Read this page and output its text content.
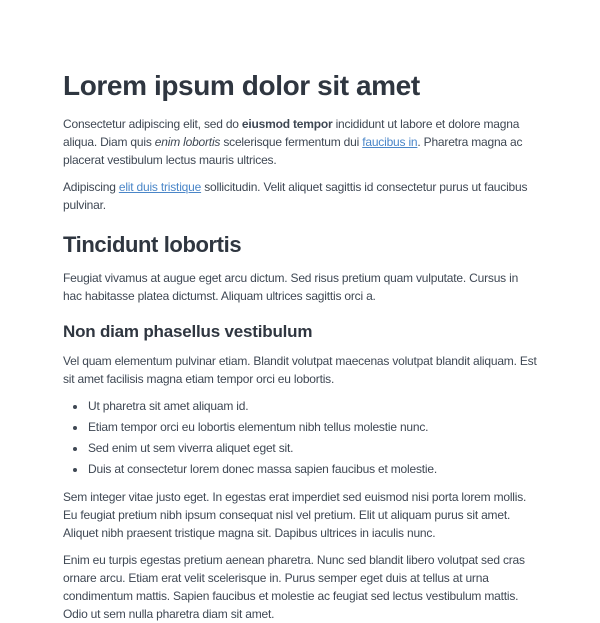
Lorem ipsum dolor sit amet

Consectetur adipiscing elit, sed do eiusmod tempor incididunt ut labore et dolore magna aliqua. Diam quis enim lobortis scelerisque fermentum dui faucibus in. Pharetra magna ac placerat vestibulum lectus mauris ultrices.

Adipiscing elit duis tristique sollicitudin. Velit aliquet sagittis id consectetur purus ut faucibus pulvinar.

Tincidunt lobortis

Feugiat vivamus at augue eget arcu dictum. Sed risus pretium quam vulputate. Cursus in hac habitasse platea dictumst. Aliquam ultrices sagittis orci a.

Non diam phasellus vestibulum

Vel quam elementum pulvinar etiam. Blandit volutpat maecenas volutpat blandit aliquam. Est sit amet facilisis magna etiam tempor orci eu lobortis.

• Ut pharetra sit amet aliquam id.
• Etiam tempor orci eu lobortis elementum nibh tellus molestie nunc.
• Sed enim ut sem viverra aliquet eget sit.
• Duis at consectetur lorem donec massa sapien faucibus et molestie.

Sem integer vitae justo eget. In egestas erat imperdiet sed euismod nisi porta lorem mollis. Eu feugiat pretium nibh ipsum consequat nisl vel pretium. Elit ut aliquam purus sit amet. Aliquet nibh praesent tristique magna sit. Dapibus ultrices in iaculis nunc.

Enim eu turpis egestas pretium aenean pharetra. Nunc sed blandit libero volutpat sed cras ornare arcu. Etiam erat velit scelerisque in. Purus semper eget duis at tellus at urna condimentum mattis. Sapien faucibus et molestie ac feugiat sed lectus vestibulum mattis. Odio ut sem nulla pharetra diam sit amet.
